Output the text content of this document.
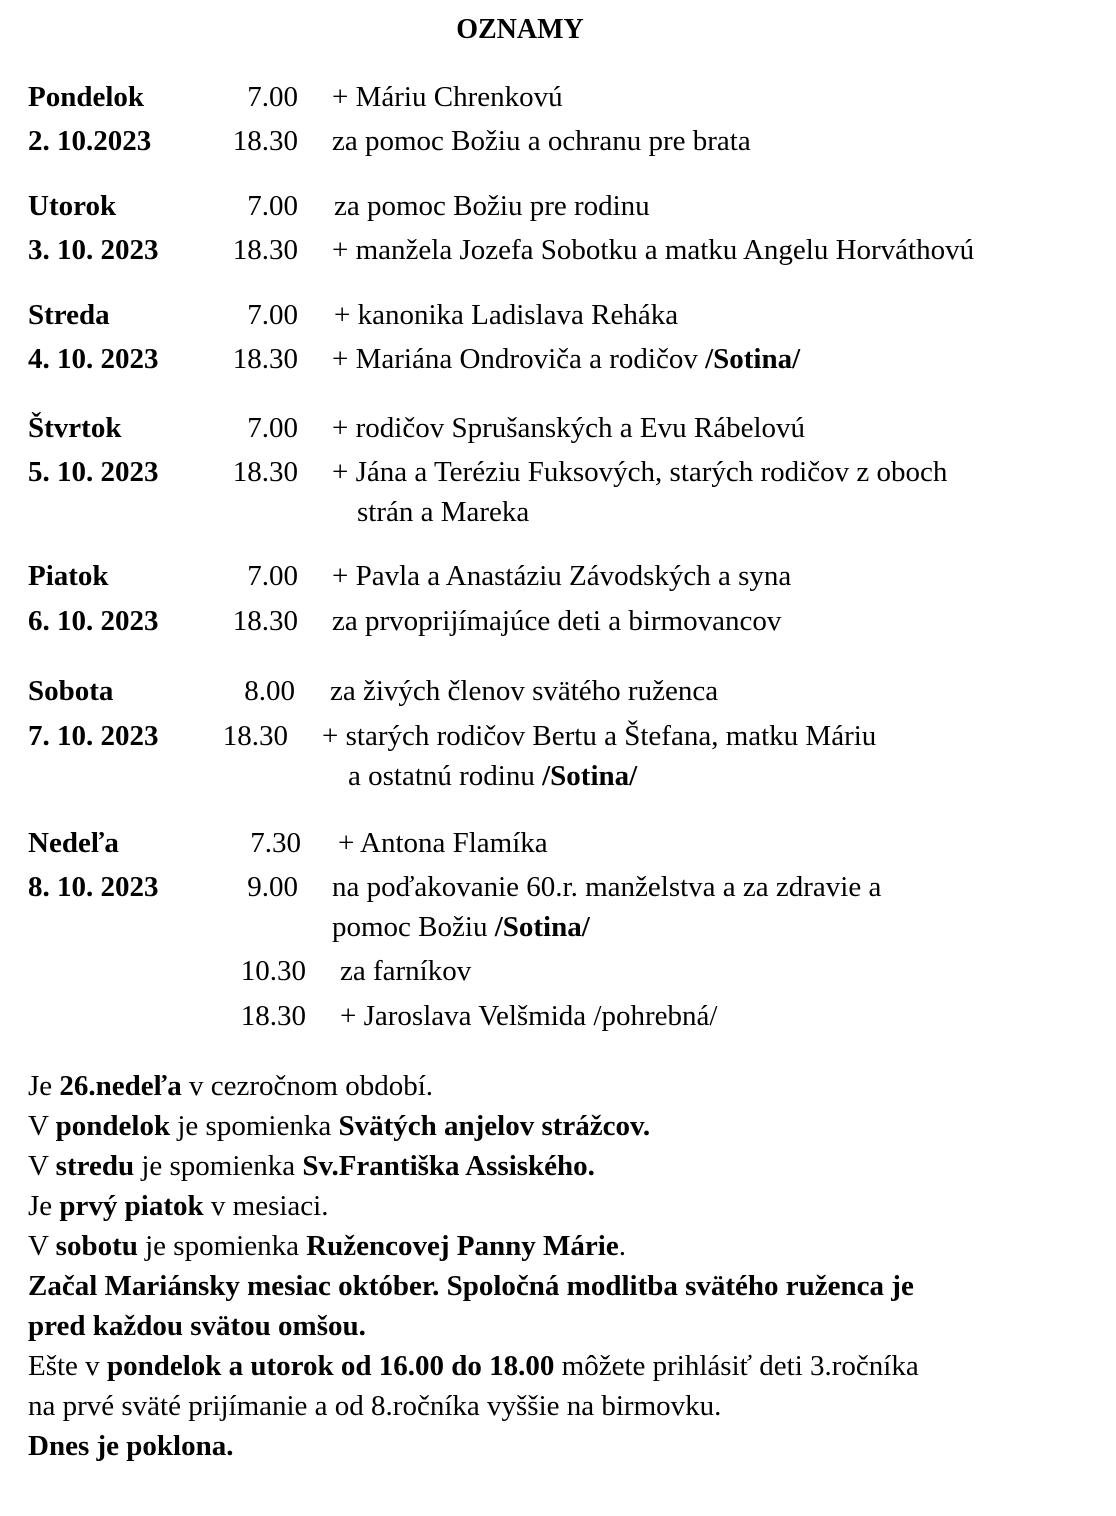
OZNAMY
Pondelok	7.00 + Máriu Chrenkovú
2. 10.2023	18.30 za pomoc Božiu a ochranu pre brata
Utorok	7.00 za pomoc Božiu pre rodinu
3. 10. 2023	18.30 + manžela Jozefa Sobotku a matku Angelu Horváthovú
Streda	7.00 + kanonika Ladislava Reháka
4. 10. 2023	18.30 + Mariána Ondroviča a rodičov /Sotina/
Štvrtok	7.00 + rodičov Sprušanských a Evu Rábelovú
5. 10. 2023	18.30 + Jána a Teréziu Fuksových, starých rodičov z oboch
strán a Mareka
Piatok	7.00 + Pavla a Anastáziu Závodských a syna
6. 10. 2023	18.30 za prvoprijímajúce deti a birmovancov
Sobota	8.00 za živých členov svätého ruženca
7. 10. 2023	18.30 + starých rodičov Bertu a Štefana, matku Máriu
a ostatnú rodinu /Sotina/
Nedeľa	7.30 + Antona Flamíka
8. 10. 2023	9.00 na poďakovanie 60.r. manželstva a za zdravie a
pomoc Božiu /Sotina/
10.30 za farníkov
18.30 + Jaroslava Velšmida /pohrebná/
Je 26.nedeľa v cezročnom období.
V pondelok je spomienka Svätých anjelov strážcov.
V stredu je spomienka Sv.Františka Assiského.
Je prvý piatok v mesiaci.
V sobotu je spomienka Ružencovej Panny Márie.
Začal Mariánsky mesiac október. Spoločná modlitba svätého ruženca je
pred každou svätou omšou.
Ešte v pondelok a utorok od 16.00 do 18.00 môžete prihlásiť deti 3.ročníka
na prvé sväté prijímanie a od 8.ročníka vyššie na birmovku.
Dnes je poklona.
